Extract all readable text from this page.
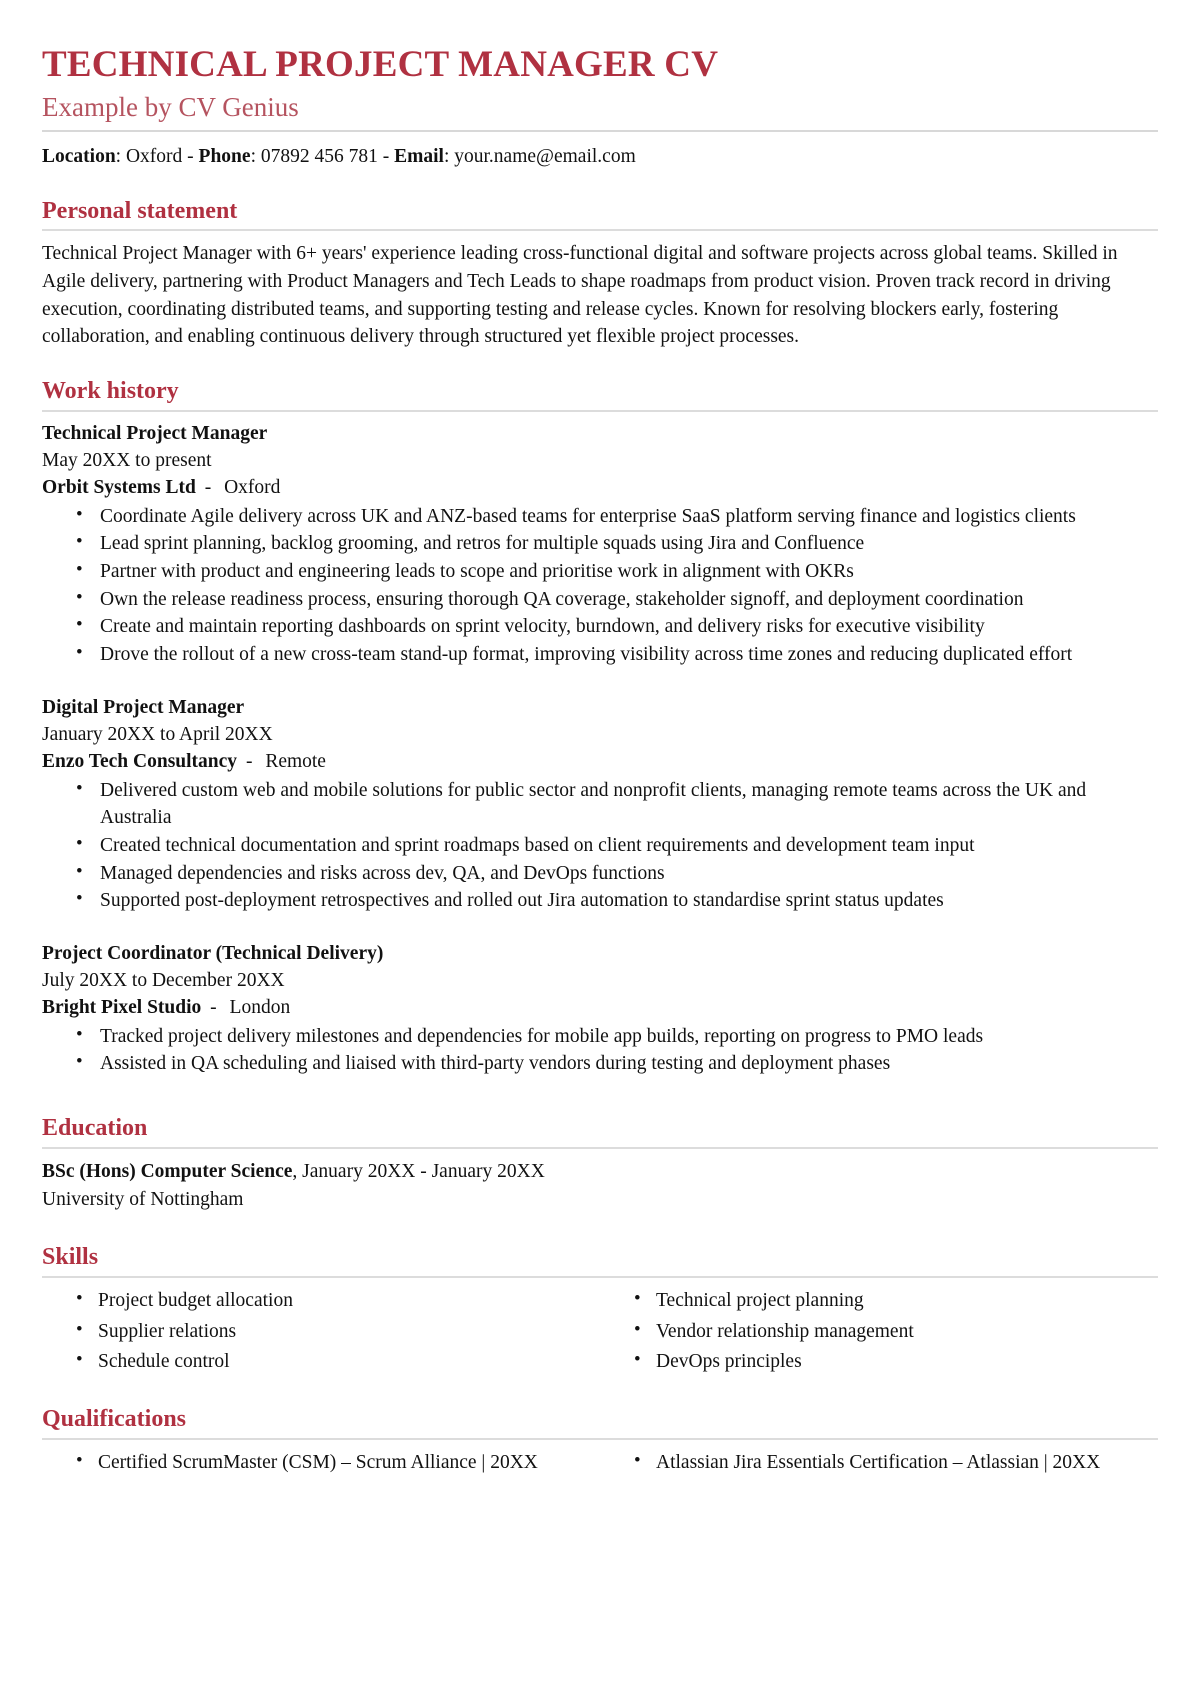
TECHNICAL PROJECT MANAGER CV
Example by CV Genius
Location: Oxford - Phone: 07892 456 781 - Email: your.name@email.com
Personal statement

Technical Project Manager with 6+ years' experience leading cross-functional digital and software projects across global teams. Skilled in Agile delivery, partnering with Product Managers and Tech Leads to shape roadmaps from product vision. Proven track record in driving execution, coordinating distributed teams, and supporting testing and release cycles. Known for resolving blockers early, fostering collaboration, and enabling continuous delivery through structured yet flexible project processes.

Work history
Technical Project Manager
May 20XX to present
Orbit Systems Ltd - Oxford
• Coordinate Agile delivery across UK and ANZ-based teams for enterprise SaaS platform serving finance and logistics clients
• Lead sprint planning, backlog grooming, and retros for multiple squads using Jira and Confluence
• Partner with product and engineering leads to scope and prioritise work in alignment with OKRs
• Own the release readiness process, ensuring thorough QA coverage, stakeholder signoff, and deployment coordination
• Create and maintain reporting dashboards on sprint velocity, burndown, and delivery risks for executive visibility
• Drove the rollout of a new cross-team stand-up format, improving visibility across time zones and reducing duplicated effort
Digital Project Manager
January 20XX to April 20XX
Enzo Tech Consultancy - Remote
• Delivered custom web and mobile solutions for public sector and nonprofit clients, managing remote teams across the UK and Australia
• Created technical documentation and sprint roadmaps based on client requirements and development team input
• Managed dependencies and risks across dev, QA, and DevOps functions
• Supported post-deployment retrospectives and rolled out Jira automation to standardise sprint status updates
Project Coordinator (Technical Delivery)
July 20XX to December 20XX
Bright Pixel Studio - London
• Tracked project delivery milestones and dependencies for mobile app builds, reporting on progress to PMO leads
• Assisted in QA scheduling and liaised with third-party vendors during testing and deployment phases
Education
BSc (Hons) Computer Science, January 20XX - January 20XX
University of Nottingham
Skills
• Project budget allocation
• Supplier relations
• Schedule control
• Technical project planning
• Vendor relationship management
• DevOps principles
Qualifications
• Certified ScrumMaster (CSM) – Scrum Alliance | 20XX	• Atlassian Jira Essentials Certification – Atlassian | 20XX
